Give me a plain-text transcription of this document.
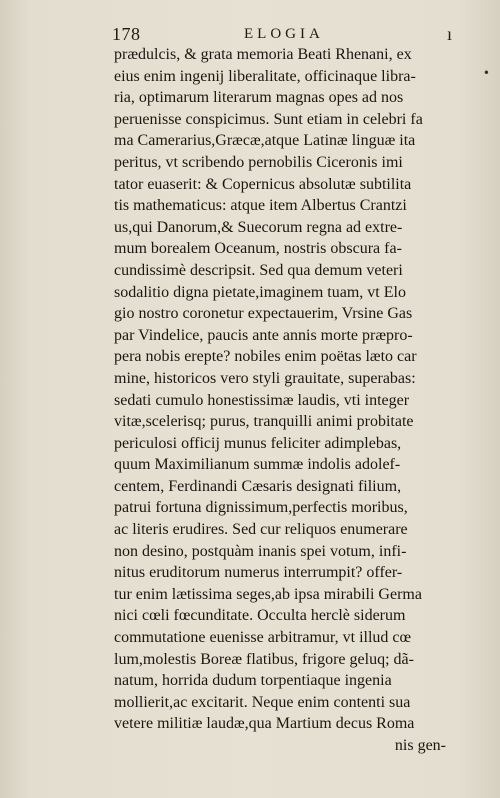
178	ELOGIA	ı
•
prædulcis, & grata memoria Beati Rhenani, ex
eius enim ingenij liberalitate, officinaque libra-
ria, optimarum literarum magnas opes ad nos
peruenisse conspicimus. Sunt etiam in celebri fa
ma Camerarius,Græcæ,atque Latinæ linguæ ita
peritus, vt scribendo pernobilis Ciceronis imi
tator euaserit: & Copernicus absolutæ subtilita
tis mathematicus: atque item Albertus Crantzi
us,qui Danorum,& Suecorum regna ad extre-
mum borealem Oceanum, nostris obscura fa-
cundissimè descripsit. Sed qua demum veteri
sodalitio digna pietate,imaginem tuam, vt Elo
gio nostro coronetur expectauerim, Vrsine Gas
par Vindelice, paucis ante annis morte præpro-
pera nobis erepte? nobiles enim poëtas læto car
mine, historicos vero styli grauitate, superabas:
sedati cumulo honestissimæ laudis, vti integer
vitæ,scelerisq; purus, tranquilli animi probitate
periculosi officij munus feliciter adimplebas,
quum Maximilianum summæ indolis adolef-
centem, Ferdinandi Cæsaris designati filium,
patrui fortuna dignissimum,perfectis moribus,
ac literis erudires. Sed cur reliquos enumerare
non desino, postquàm inanis spei votum, infi-
nitus eruditorum numerus interrumpit? offer-
tur enim lætissima seges,ab ipsa mirabili Germa
nici cœli fœcunditate. Occulta herclè siderum
commutatione euenisse arbitramur, vt illud cœ
lum,molestis Boreæ flatibus, frigore geluq; dã-
natum, horrida dudum torpentiaque ingenia
mollierit,ac excitarit. Neque enim contenti sua
vetere militiæ laudæ,qua Martium decus Roma
nis gen-
